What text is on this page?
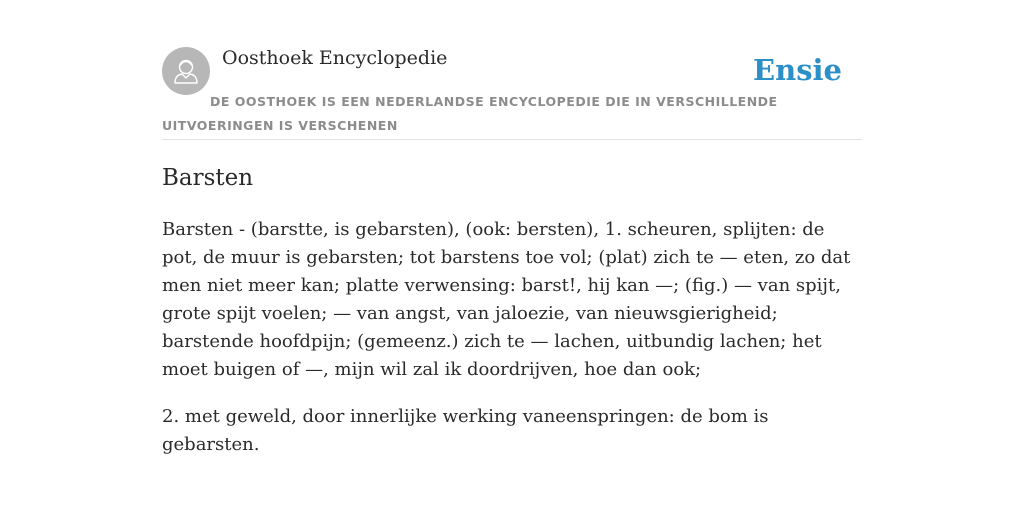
Oosthoek Encyclopedie	Ensie
DE OOSTHOEK IS EEN NEDERLANDSE ENCYCLOPEDIE DIE IN VERSCHILLENDE UITVOERINGEN IS VERSCHENEN
Barsten

Barsten - (barstte, is gebarsten), (ook: bersten), 1. scheuren, splijten: de pot, de muur is gebarsten; tot barstens toe vol; (plat) zich te — eten, zo dat men niet meer kan; platte verwensing: barst!, hij kan —; (fig.) — van spijt, grote spijt voelen; — van angst, van jaloezie, van nieuwsgierigheid; barstende hoofdpijn; (gemeenz.) zich te — lachen, uitbundig lachen; het moet buigen of —, mijn wil zal ik doordrijven, hoe dan ook;

2. met geweld, door innerlijke werking vaneenspringen: de bom is gebarsten.
